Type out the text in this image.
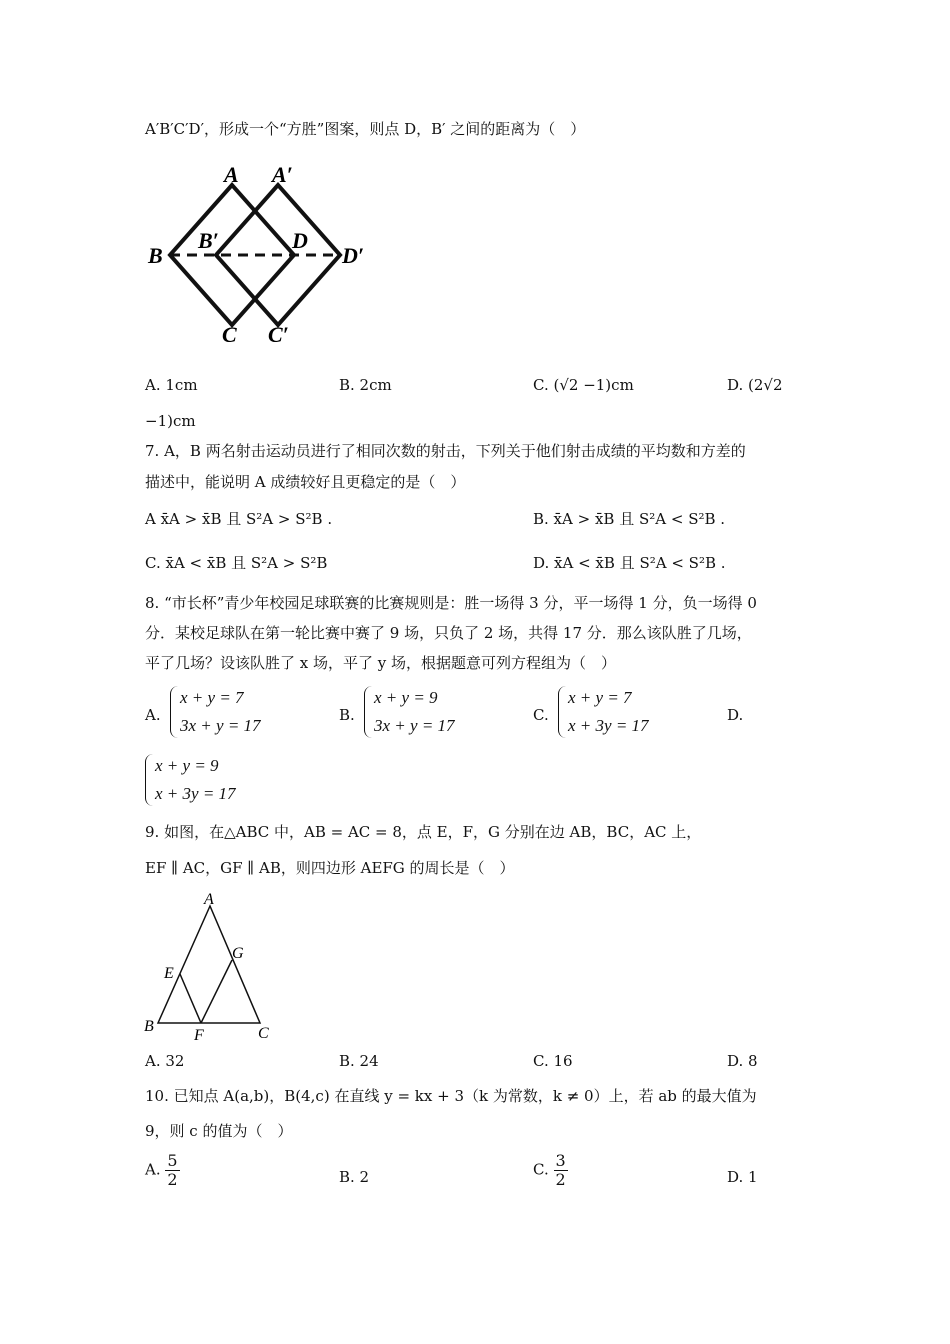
A′B′C′D′，形成一个“方胜”图案，则点 D，B′ 之间的距离为（　）
A A′
B
B′	D
D′
C C′
A. 1cm	B. 2cm	C. (√2 −1)cm	D. (2√2
−1)cm
7. A，B 两名射击运动员进行了相同次数的射击，下列关于他们射击成绩的平均数和方差的
描述中，能说明 A 成绩较好且更稳定的是（　）
A x̄A > x̄B 且 S²A > S²B .	B. x̄A > x̄B 且 S²A < S²B .
C. x̄A < x̄B 且 S²A > S²B	D. x̄A < x̄B 且 S²A < S²B .
8. “市长杯”青少年校园足球联赛的比赛规则是：胜一场得 3 分，平一场得 1 分，负一场得 0
分．某校足球队在第一轮比赛中赛了 9 场，只负了 2 场，共得 17 分．那么该队胜了几场，
平了几场？设该队胜了 x 场，平了 y 场，根据题意可列方程组为（　）
A.
x + y = 7
3x + y = 17
B.
x + y = 9
3x + y = 17
C.
x + y = 7
x + 3y = 17
D.
x + y = 9
x + 3y = 17
9. 如图，在△ABC 中，AB = AC = 8，点 E，F，G 分别在边 AB，BC，AC 上，
EF ∥ AC，GF ∥ AB，则四边形 AEFG 的周长是（　）
A
B	C
E
F
G
A. 32	B. 24	C. 16	D. 8
10. 已知点 A(a,b)，B(4,c) 在直线 y = kx + 3（k 为常数，k ≠ 0）上，若 ab 的最大值为
9，则 c 的值为（　）
A. $\frac{5}{2}$	B. 2	C. $\frac{3}{2}$	D. 1
